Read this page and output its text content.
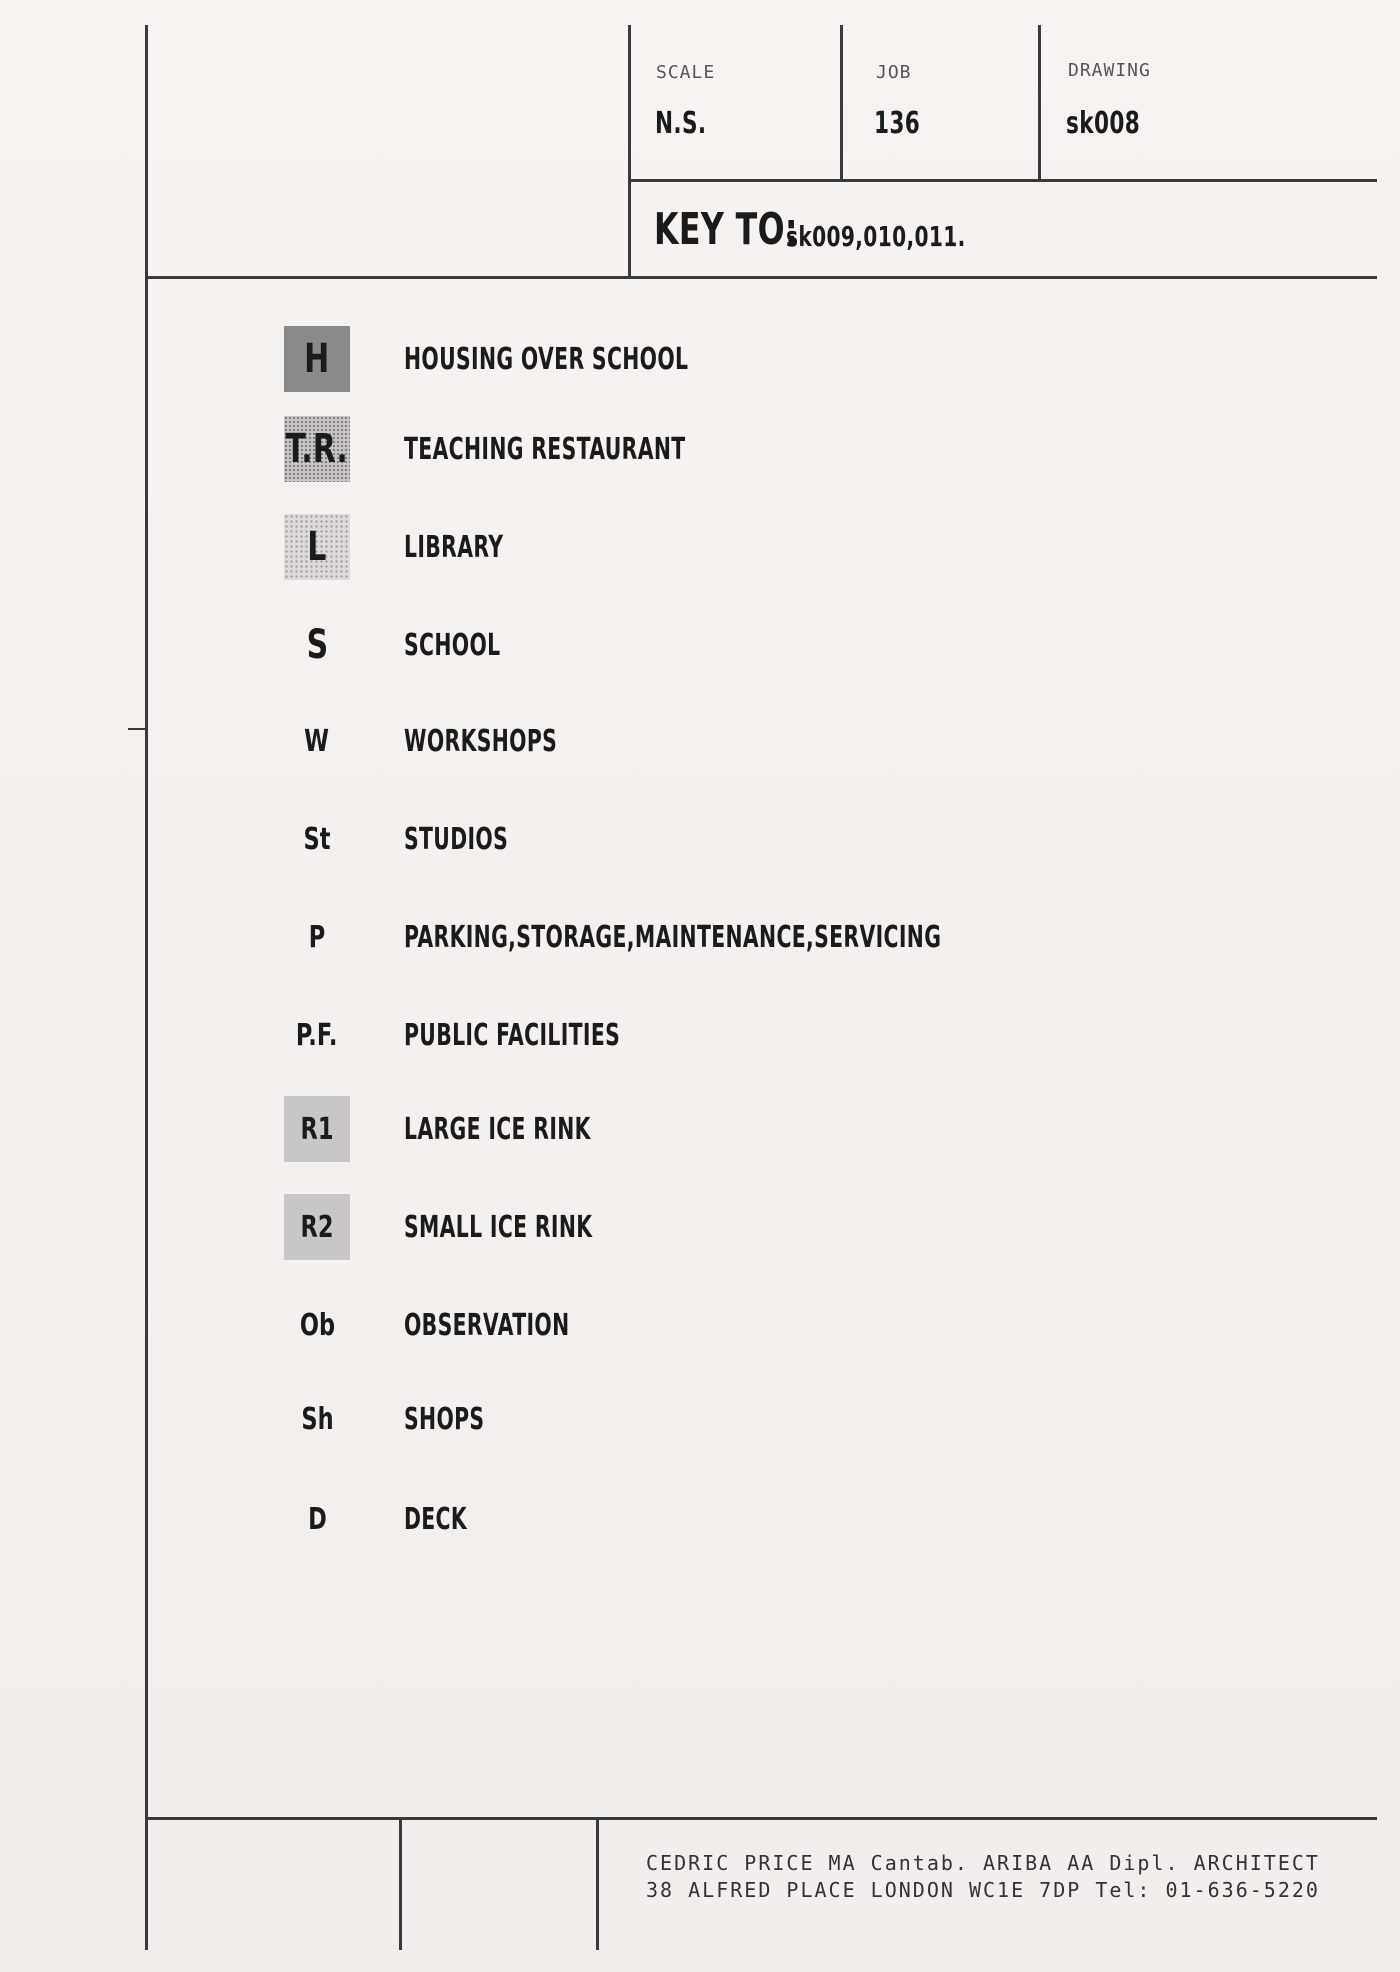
SCALE
N.S.
JOB
136
DRAWING
sk008
KEY TO:
sk009,010,011.
H HOUSING OVER SCHOOL
T.R. TEACHING RESTAURANT
L	LIBRARY
S	SCHOOL
W WORKSHOPS
St STUDIOS
P	PARKING,STORAGE,MAINTENANCE,SERVICING
P.F. PUBLIC FACILITIES
R1 LARGE ICE RINK
R2 SMALL ICE RINK
Ob OBSERVATION
Sh SHOPS
D	DECK
CEDRIC PRICE MA Cantab. ARIBA AA Dipl. ARCHITECT
38 ALFRED PLACE LONDON WC1E 7DP Tel: 01-636-5220
